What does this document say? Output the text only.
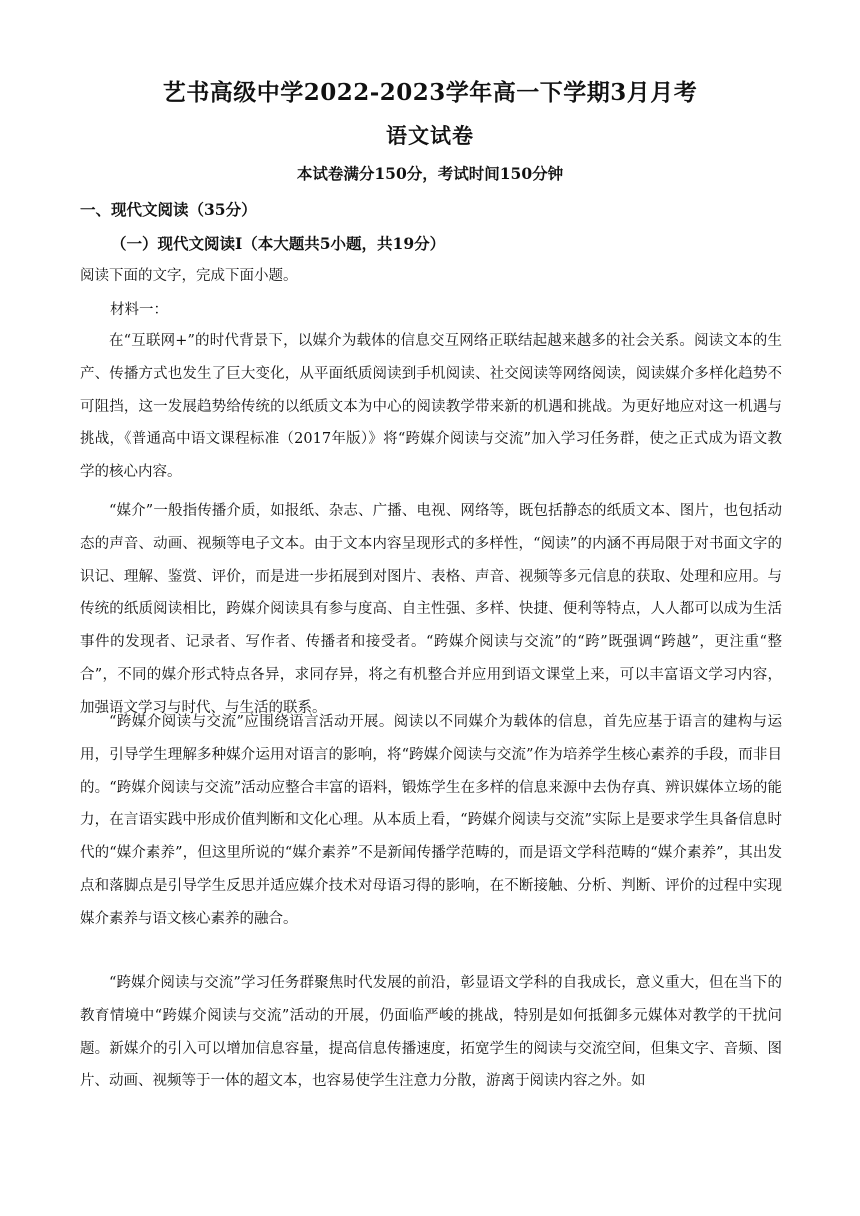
艺书高级中学2022-2023学年高一下学期3月月考
语文试卷
本试卷满分150分，考试时间150分钟
一、现代文阅读（35分）
（一）现代文阅读Ⅰ（本大题共5小题，共19分）
阅读下面的文字，完成下面小题。
材料一：

在“互联网+”的时代背景下，以媒介为载体的信息交互网络正联结起越来越多的社会关系。阅读文本的生产、传播方式也发生了巨大变化，从平面纸质阅读到手机阅读、社交阅读等网络阅读，阅读媒介多样化趋势不可阻挡，这一发展趋势给传统的以纸质文本为中心的阅读教学带来新的机遇和挑战。为更好地应对这一机遇与挑战，《普通高中语文课程标准（2017年版）》将“跨媒介阅读与交流”加入学习任务群，使之正式成为语文教学的核心内容。

“媒介”一般指传播介质，如报纸、杂志、广播、电视、网络等，既包括静态的纸质文本、图片，也包括动态的声音、动画、视频等电子文本。由于文本内容呈现形式的多样性，“阅读”的内涵不再局限于对书面文字的识记、理解、鉴赏、评价，而是进一步拓展到对图片、表格、声音、视频等多元信息的获取、处理和应用。与传统的纸质阅读相比，跨媒介阅读具有参与度高、自主性强、多样、快捷、便利等特点，人人都可以成为生活事件的发现者、记录者、写作者、传播者和接受者。“跨媒介阅读与交流”的“跨”既强调“跨越”，更注重“整合”，不同的媒介形式特点各异，求同存异，将之有机整合并应用到语文课堂上来，可以丰富语文学习内容，加强语文学习与时代、与生活的联系。

“跨媒介阅读与交流”应围绕语言活动开展。阅读以不同媒介为载体的信息，首先应基于语言的建构与运用，引导学生理解多种媒介运用对语言的影响，将“跨媒介阅读与交流”作为培养学生核心素养的手段，而非目的。“跨媒介阅读与交流”活动应整合丰富的语料，锻炼学生在多样的信息来源中去伪存真、辨识媒体立场的能力，在言语实践中形成价值判断和文化心理。从本质上看，“跨媒介阅读与交流”实际上是要求学生具备信息时代的“媒介素养”，但这里所说的“媒介素养”不是新闻传播学范畴的，而是语文学科范畴的“媒介素养”，其出发点和落脚点是引导学生反思并适应媒介技术对母语习得的影响，在不断接触、分析、判断、评价的过程中实现媒介素养与语文核心素养的融合。

“跨媒介阅读与交流”学习任务群聚焦时代发展的前沿，彰显语文学科的自我成长，意义重大，但在当下的教育情境中“跨媒介阅读与交流”活动的开展，仍面临严峻的挑战，特别是如何抵御多元媒体对教学的干扰问题。新媒介的引入可以增加信息容量，提高信息传播速度，拓宽学生的阅读与交流空间，但集文字、音频、图片、动画、视频等于一体的超文本，也容易使学生注意力分散，游离于阅读内容之外。如
